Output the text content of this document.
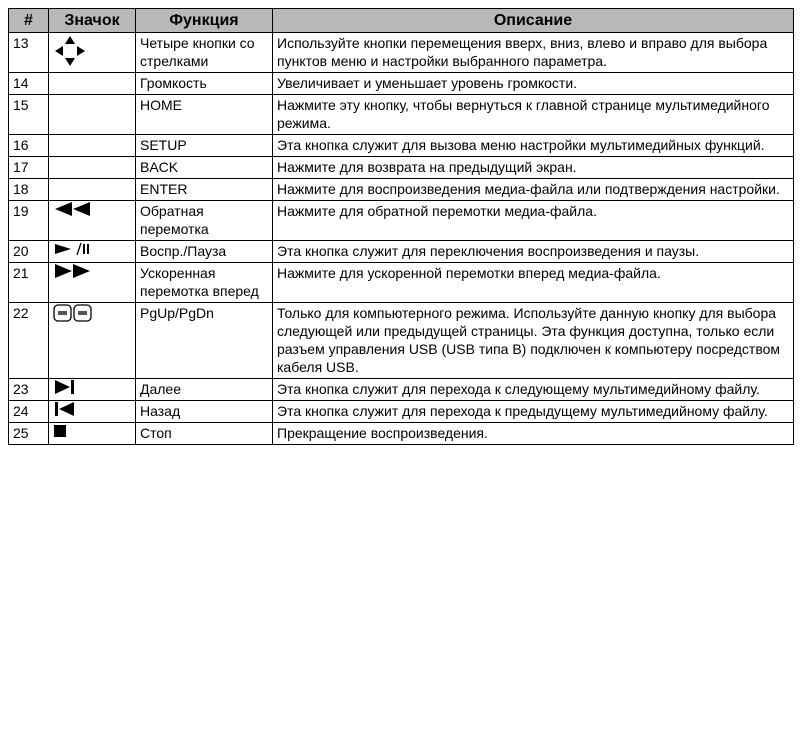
#	Значок	Функция	Описание
13		Четыре кнопки со стрелками	Используйте кнопки перемещения вверх, вниз, влево и вправо для выбора пунктов меню и настройки выбранного параметра.
14		Громкость	Увеличивает и уменьшает уровень громкости.
15		HOME	Нажмите эту кнопку, чтобы вернуться к главной странице мультимедийного режима.
16		SETUP	Эта кнопка служит для вызова меню настройки мультимедийных функций.
17		BACK	Нажмите для возврата на предыдущий экран.
18		ENTER	Нажмите для воспроизведения медиа-файла или подтверждения настройки.
19		Обратная перемотка	Нажмите для обратной перемотки медиа-файла.
20		Воспр./Пауза	Эта кнопка служит для переключения воспроизведения и паузы.
21		Ускоренная перемотка вперед	Нажмите для ускоренной перемотки вперед медиа-файла.
22		PgUp/PgDn	Только для компьютерного режима. Используйте данную кнопку для выбора следующей или предыдущей страницы. Эта функция доступна, только если разъем управления USB (USB типа B) подключен к компьютеру посредством кабеля USB.
23		Далее	Эта кнопка служит для перехода к следующему мультимедийному файлу.
24		Назад	Эта кнопка служит для перехода к предыдущему мультимедийному файлу.
25		Стоп	Прекращение воспроизведения.
